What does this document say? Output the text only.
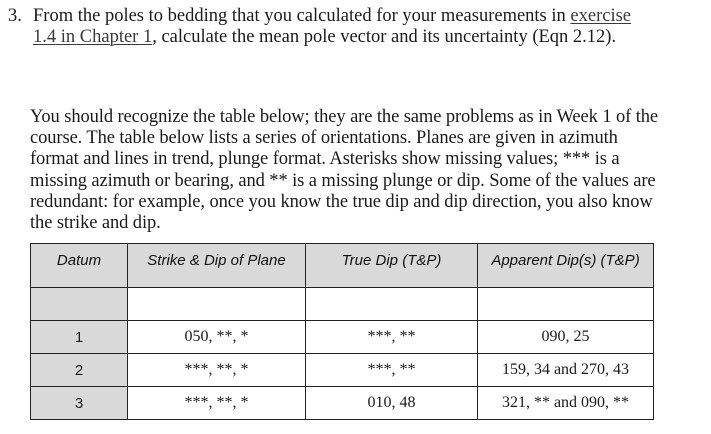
3. From the poles to bedding that you calculated for your measurements in exercise 1.4 in Chapter 1, calculate the mean pole vector and its uncertainty (Eqn 2.12).
You should recognize the table below; they are the same problems as in Week 1 of the course. The table below lists a series of orientations. Planes are given in azimuth format and lines in trend, plunge format. Asterisks show missing values; *** is a missing azimuth or bearing, and ** is a missing plunge or dip. Some of the values are redundant: for example, once you know the true dip and dip direction, you also know the strike and dip.
Datum	Strike & Dip of Plane	True Dip (T&P)	Apparent Dip(s) (T&P)

1	050, **, *	***, **	090, 25
2	***, **, *	***, **	159, 34 and 270, 43
3	***, **, *	010, 48	321, ** and 090, **
